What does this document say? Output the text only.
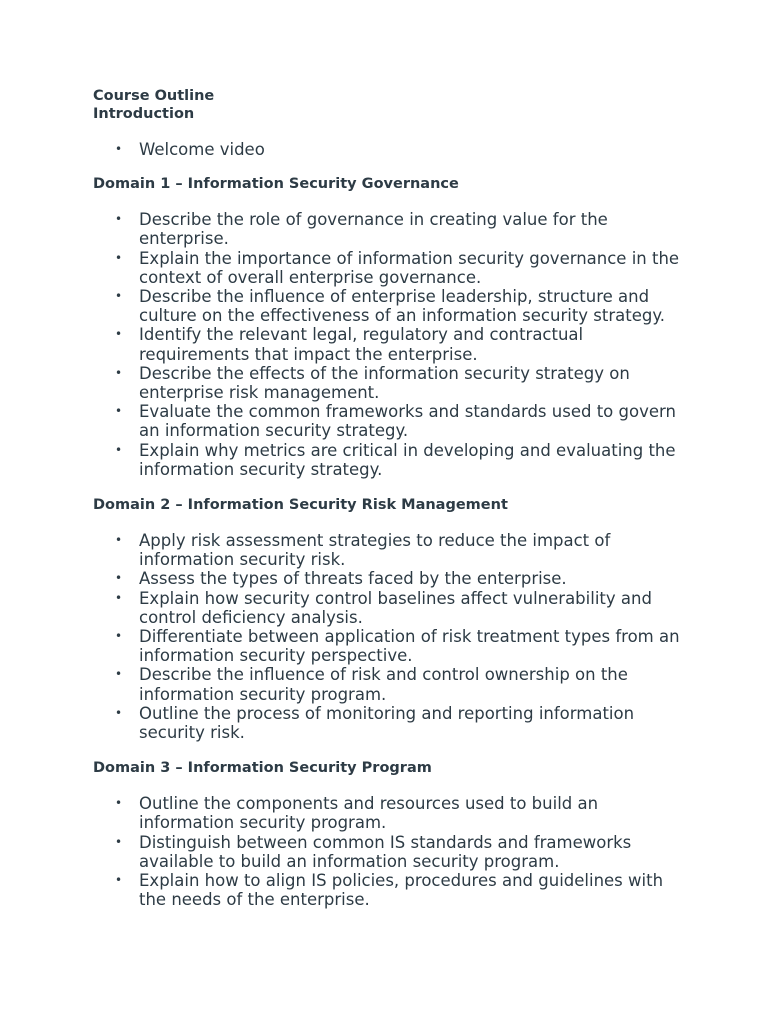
Course Outline
Introduction
• Welcome video
Domain 1 – Information Security Governance
• Describe the role of governance in creating value for the enterprise.
• Explain the importance of information security governance in the context of overall enterprise governance.
• Describe the influence of enterprise leadership, structure and culture on the effectiveness of an information security strategy.
• Identify the relevant legal, regulatory and contractual requirements that impact the enterprise.
• Describe the effects of the information security strategy on enterprise risk management.
• Evaluate the common frameworks and standards used to govern an information security strategy.
• Explain why metrics are critical in developing and evaluating the information security strategy.
Domain 2 – Information Security Risk Management
• Apply risk assessment strategies to reduce the impact of information security risk.
• Assess the types of threats faced by the enterprise.
• Explain how security control baselines affect vulnerability and control deficiency analysis.
• Differentiate between application of risk treatment types from an information security perspective.
• Describe the influence of risk and control ownership on the information security program.
• Outline the process of monitoring and reporting information security risk.
Domain 3 – Information Security Program
• Outline the components and resources used to build an information security program.
• Distinguish between common IS standards and frameworks available to build an information security program.
• Explain how to align IS policies, procedures and guidelines with the needs of the enterprise.
